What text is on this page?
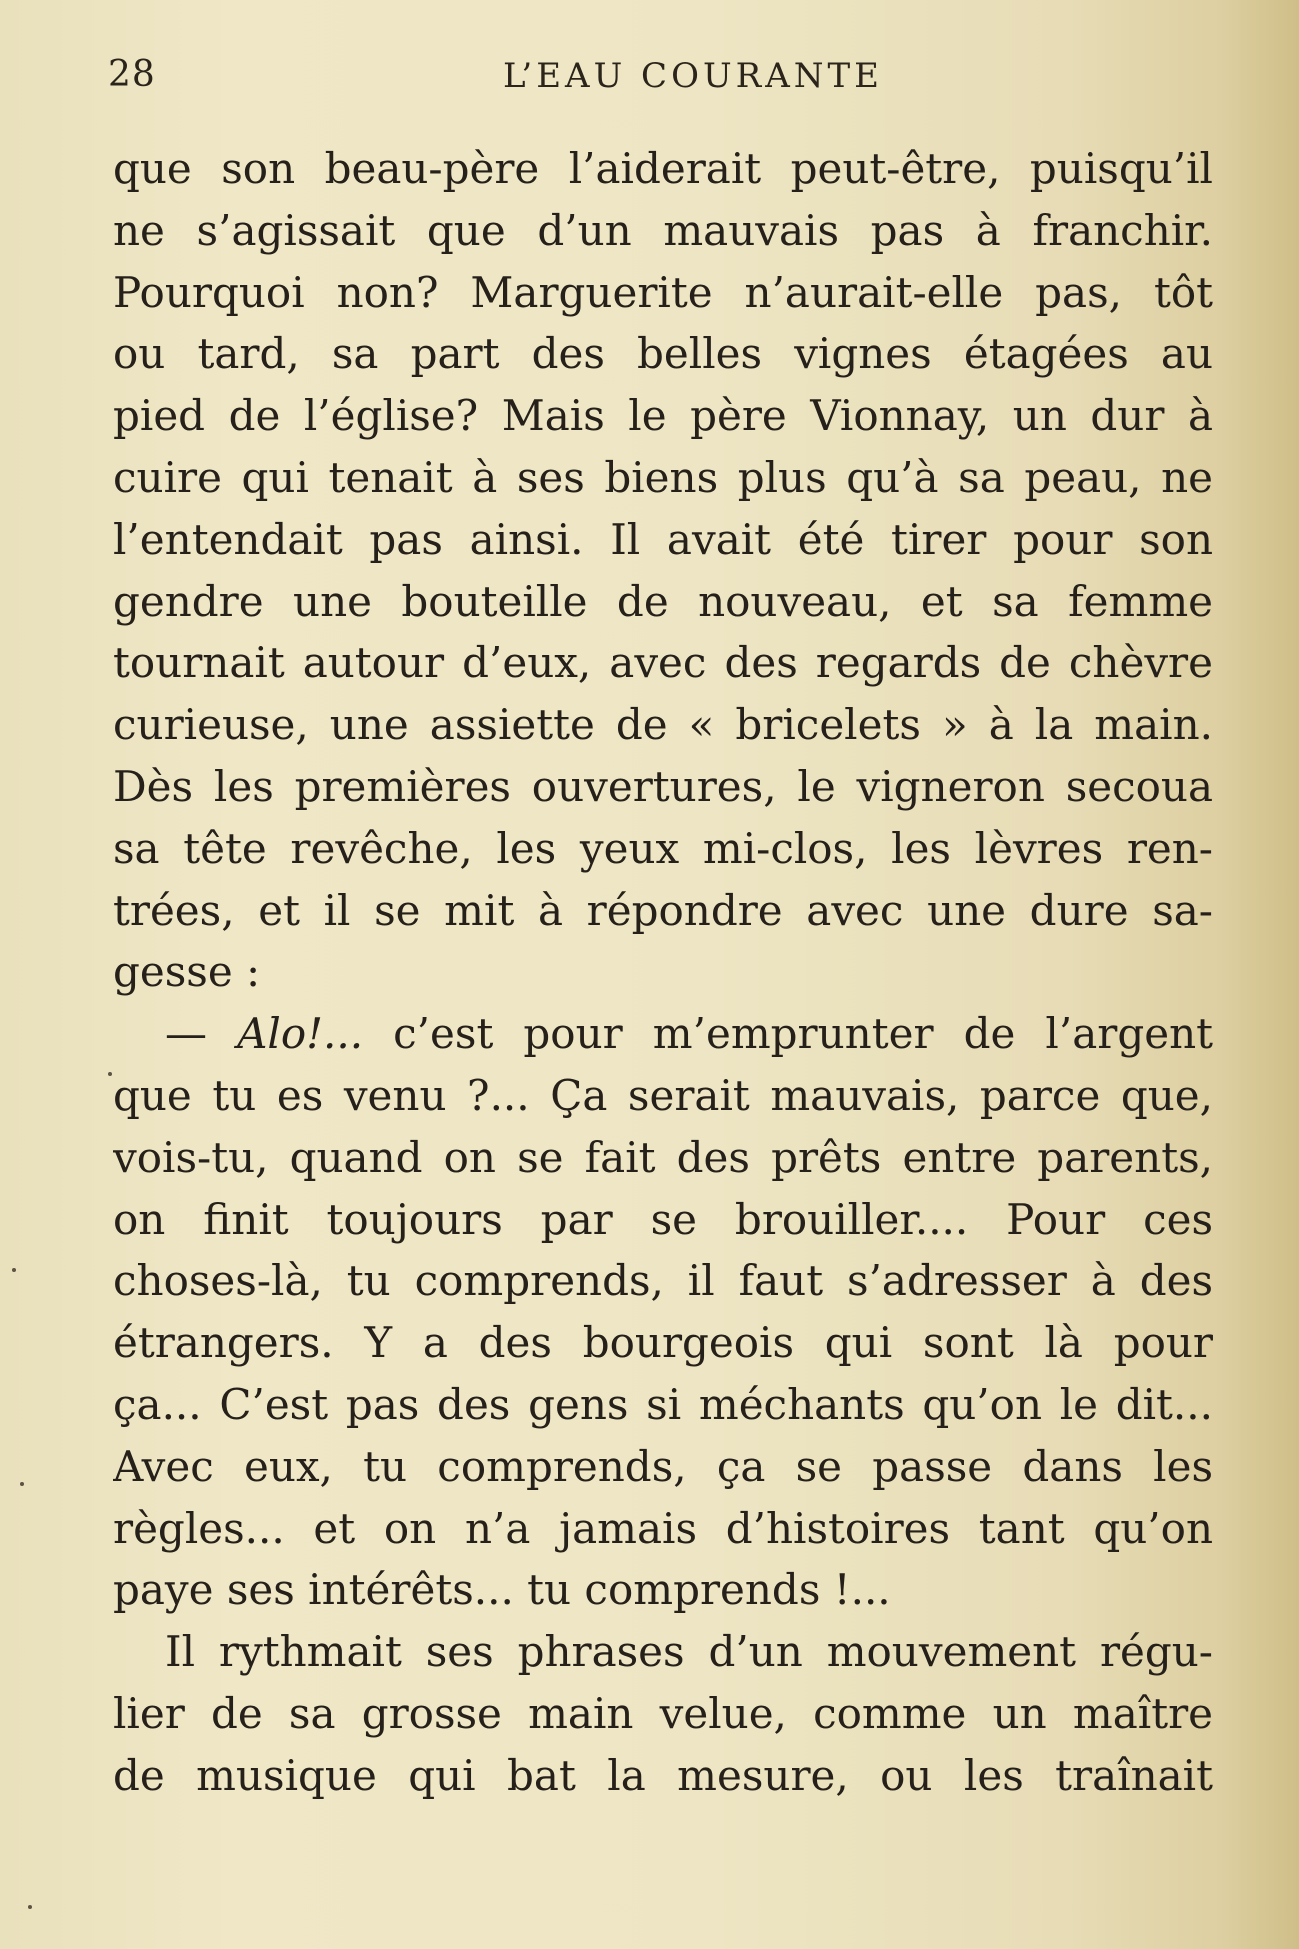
28	L’EAU COURANTE
que son beau-père l’aiderait peut-être, puisqu’il
ne s’agissait que d’un mauvais pas à franchir.
Pourquoi non? Marguerite n’aurait-elle pas, tôt
ou tard, sa part des belles vignes étagées au
pied de l’église? Mais le père Vionnay, un dur à
cuire qui tenait à ses biens plus qu’à sa peau, ne
l’entendait pas ainsi. Il avait été tirer pour son
gendre une bouteille de nouveau, et sa femme
tournait autour d’eux, avec des regards de chèvre
curieuse, une assiette de « bricelets » à la main.
Dès les premières ouvertures, le vigneron secoua
sa tête revêche, les yeux mi-clos, les lèvres ren-
trées, et il se mit à répondre avec une dure sa-
gesse :
— Alo!... c’est pour m’emprunter de l’argent
que tu es venu ?... Ça serait mauvais, parce que,
vois-tu, quand on se fait des prêts entre parents,
on finit toujours par se brouiller.... Pour ces
choses-là, tu comprends, il faut s’adresser à des
étrangers. Y a des bourgeois qui sont là pour
ça... C’est pas des gens si méchants qu’on le dit...
Avec eux, tu comprends, ça se passe dans les
règles... et on n’a jamais d’histoires tant qu’on
paye ses intérêts... tu comprends !...
Il rythmait ses phrases d’un mouvement régu-
lier de sa grosse main velue, comme un maître
de musique qui bat la mesure, ou les traînait
